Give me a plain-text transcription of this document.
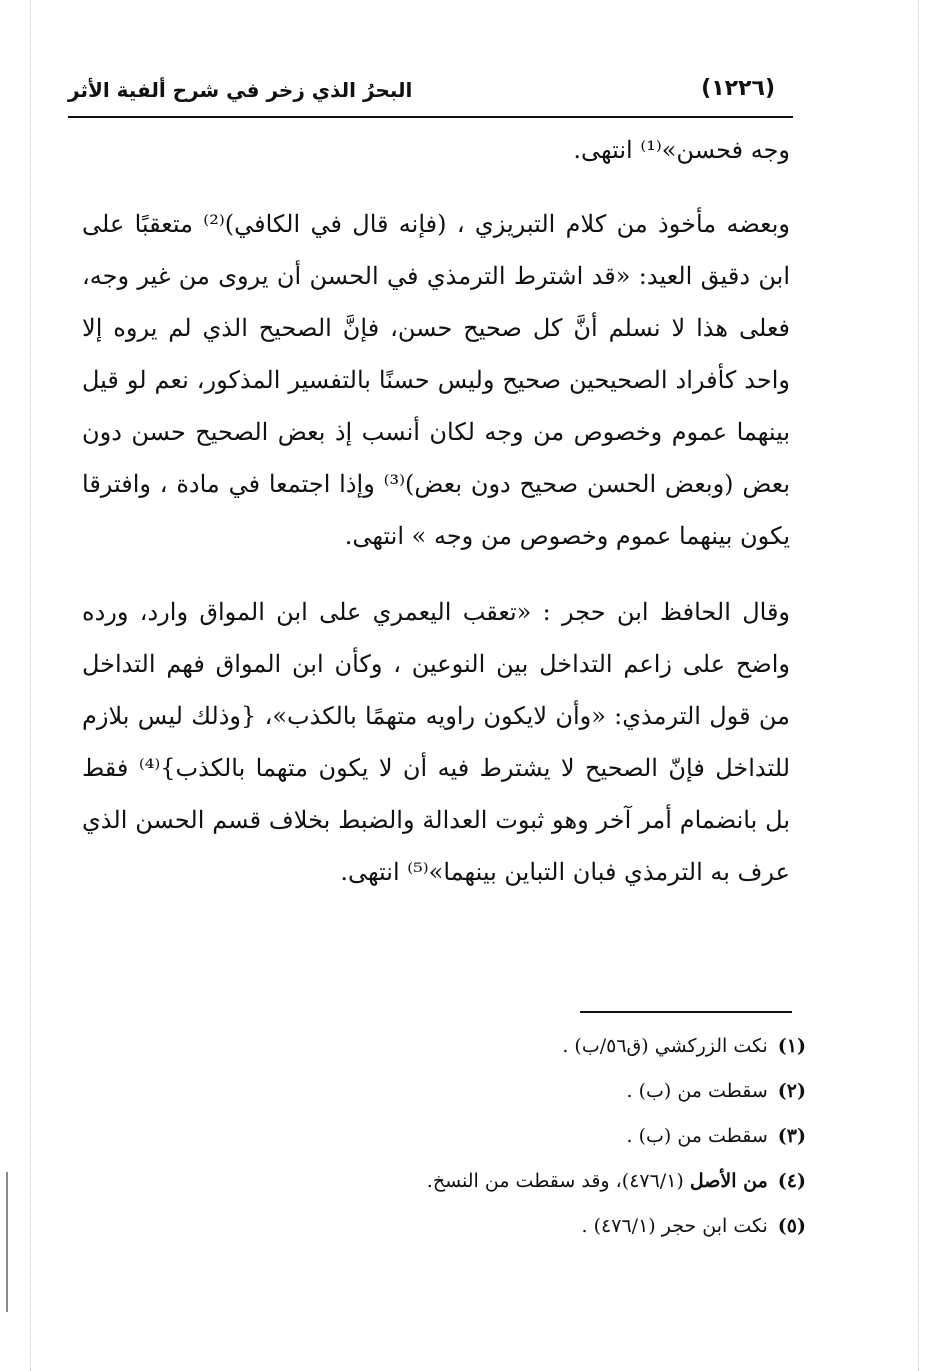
البحرُ الذي زخر في شرح ألفية الأثر	(١٢٢٦)

وجه فحسن»⁽¹⁾ انتهى.

وبعضه مأخوذ من كلام التبريزي ، (فإنه قال في الكافي)⁽²⁾ متعقبًا على ابن دقيق العيد: «قد اشترط الترمذي في الحسن أن يروى من غير وجه، فعلى هذا لا نسلم أنَّ كل صحيح حسن، فإنَّ الصحيح الذي لم يروه إلا واحد كأفراد الصحيحين صحيح وليس حسنًا بالتفسير المذكور، نعم لو قيل بينهما عموم وخصوص من وجه لكان أنسب إذ بعض الصحيح حسن دون بعض (وبعض الحسن صحيح دون بعض)⁽³⁾ وإذا اجتمعا في مادة ، وافترقا يكون بينهما عموم وخصوص من وجه » انتهى.

وقال الحافظ ابن حجر : «تعقب اليعمري على ابن المواق وارد، ورده واضح على زاعم التداخل بين النوعين ، وكأن ابن المواق فهم التداخل من قول الترمذي: «وأن لايكون راويه متهمًا بالكذب»، {وذلك ليس بلازم للتداخل فإنّ الصحيح لا يشترط فيه أن لا يكون متهما بالكذب}⁽⁴⁾ فقط بل بانضمام أمر آخر وهو ثبوت العدالة والضبط بخلاف قسم الحسن الذي عرف به الترمذي فبان التباين بينهما»⁽⁵⁾ انتهى.

(١)نكت الزركشي (ق٥٦/ب) .
(٢)سقطت من (ب) .
(٣)سقطت من (ب) .
(٤)من الأصل (٤٧٦/١)، وقد سقطت من النسخ.
(٥)نكت ابن حجر (٤٧٦/١) .
